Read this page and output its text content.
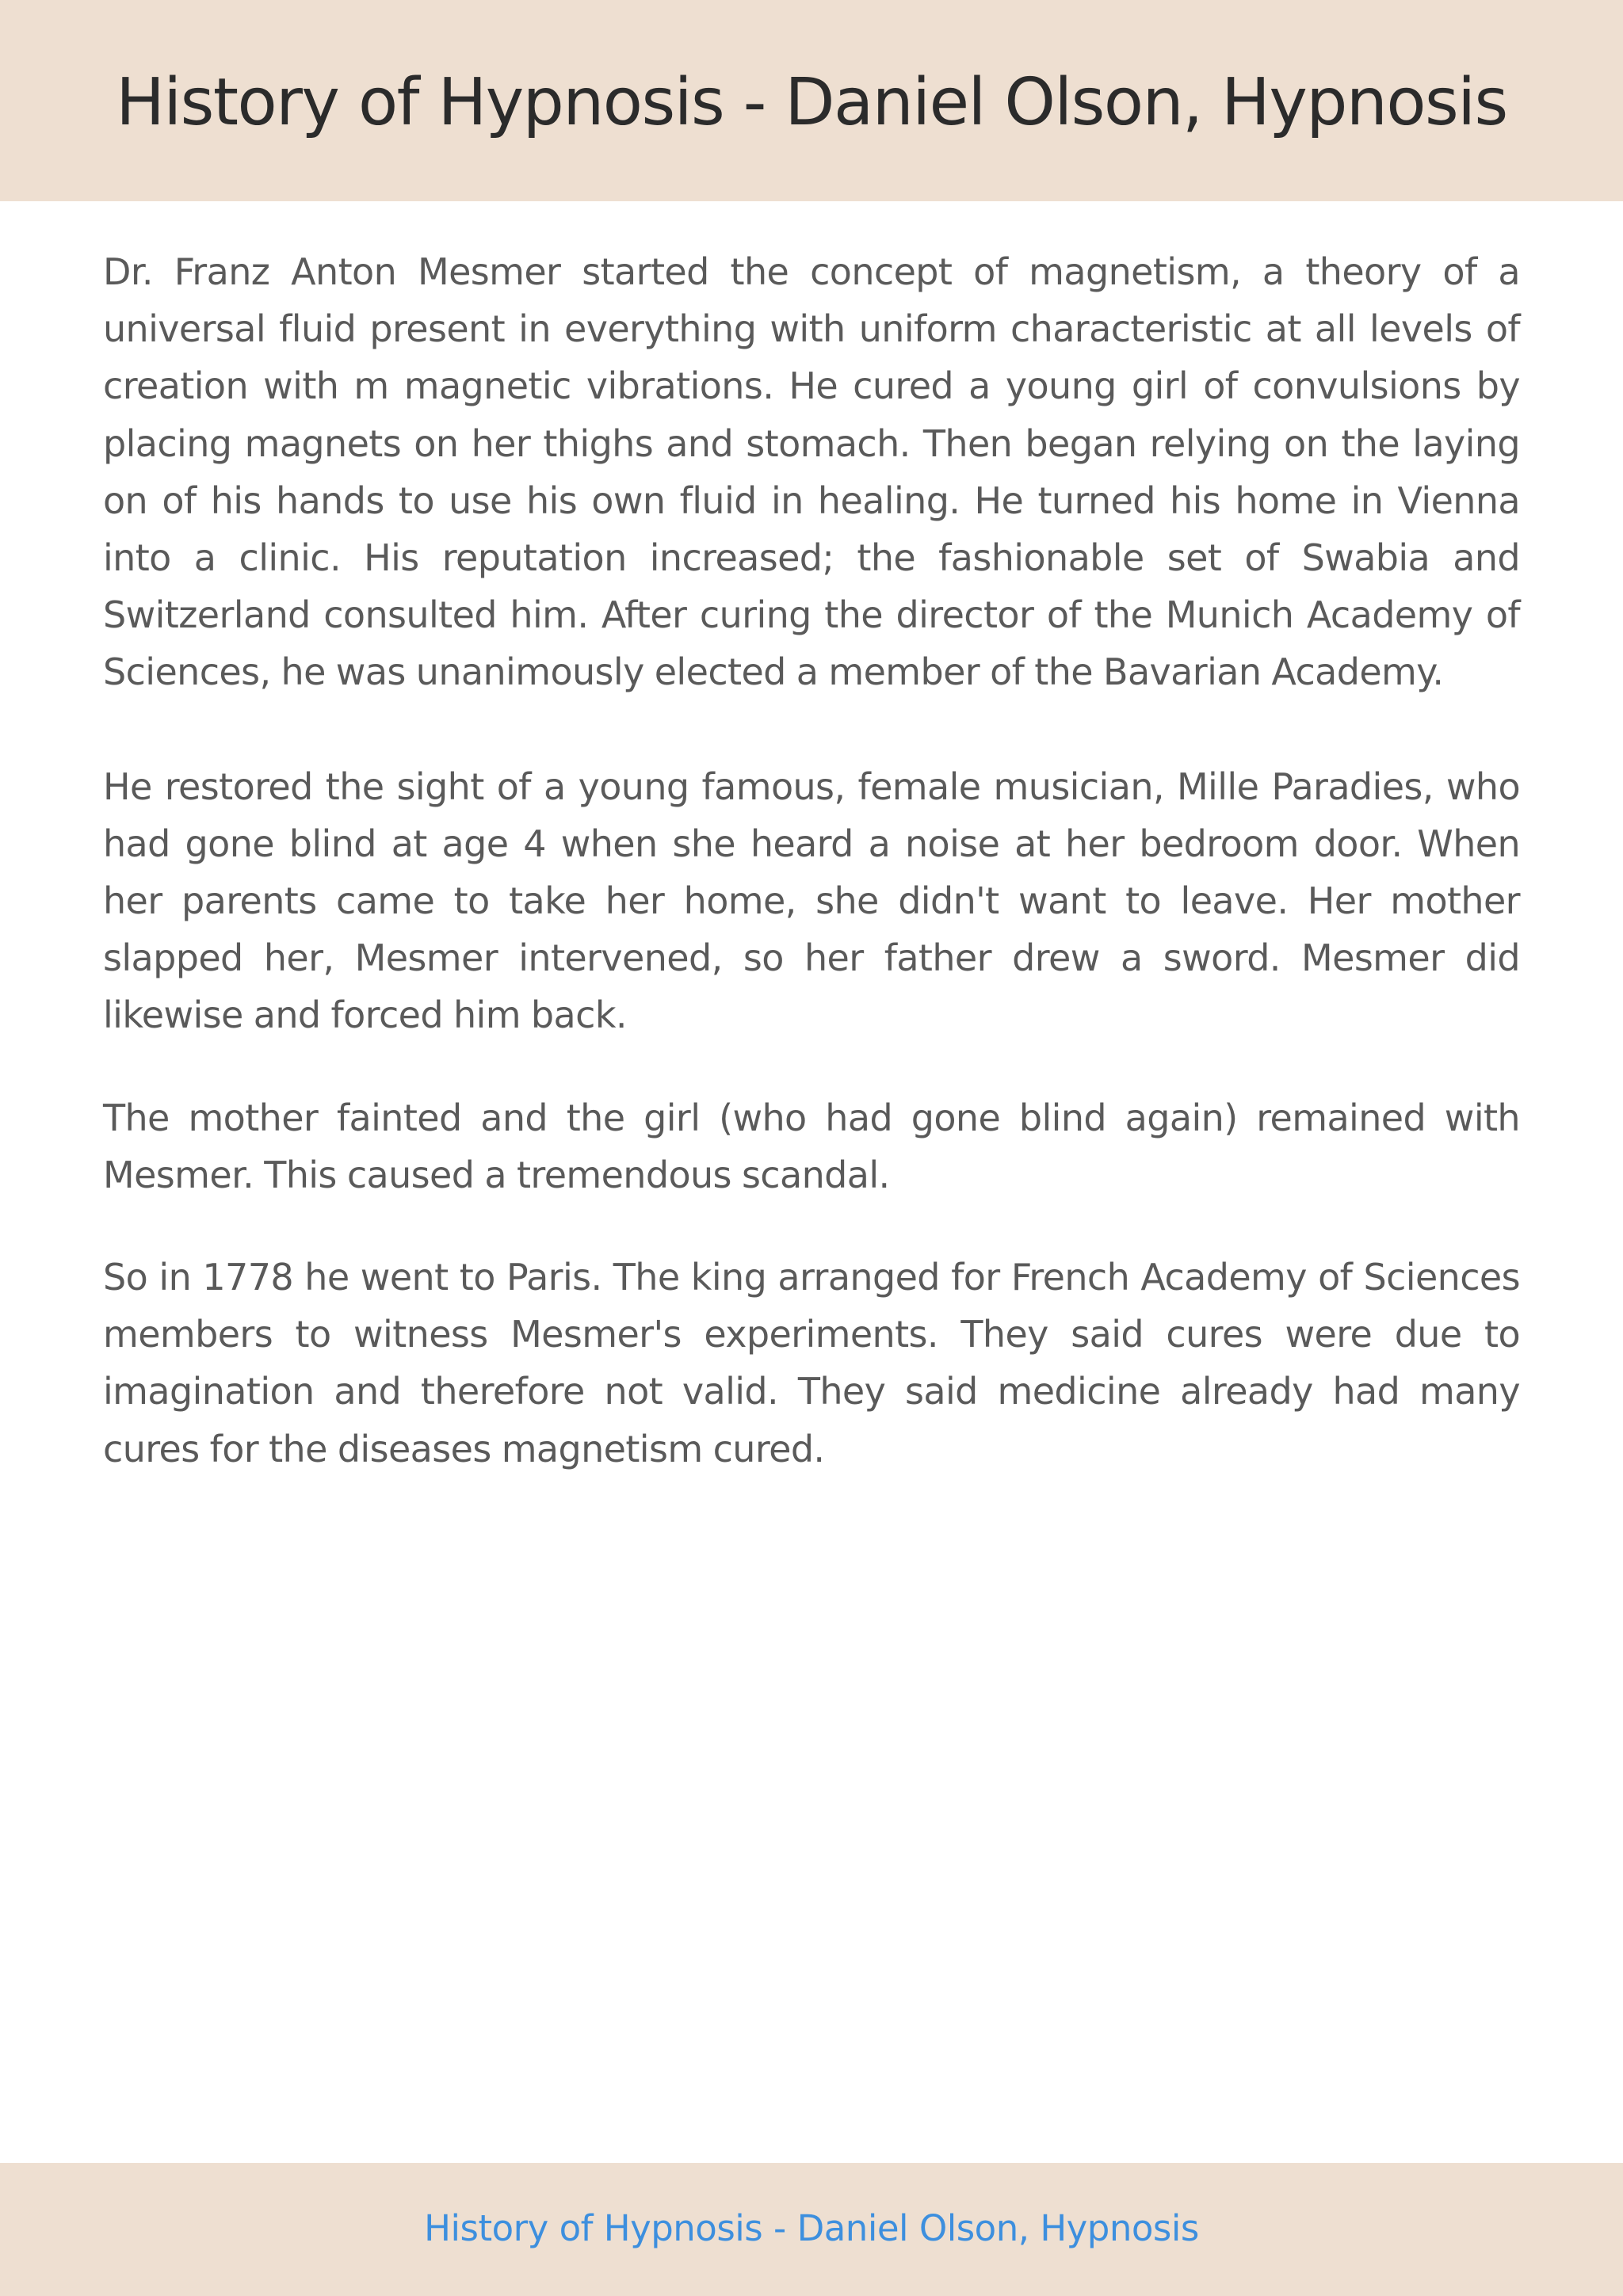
History of Hypnosis - Daniel Olson, Hypnosis

Dr. Franz Anton Mesmer started the concept of magnetism, a theory of a universal fluid present in everything with uniform characteristic at all levels of creation with m magnetic vibrations. He cured a young girl of convulsions by placing magnets on her thighs and stomach. Then began relying on the laying on of his hands to use his own fluid in healing. He turned his home in Vienna into a clinic. His reputation increased; the fashionable set of Swabia and Switzerland consulted him. After curing the director of the Munich Academy of Sciences, he was unanimously elected a member of the Bavarian Academy.

He restored the sight of a young famous, female musician, Mille Paradies, who had gone blind at age 4 when she heard a noise at her bedroom door. When her parents came to take her home, she didn't want to leave. Her mother slapped her, Mesmer intervened, so her father drew a sword. Mesmer did likewise and forced him back.

The mother fainted and the girl (who had gone blind again) remained with Mesmer. This caused a tremendous scandal.

So in 1778 he went to Paris. The king arranged for French Academy of Sciences members to witness Mesmer's experiments. They said cures were due to imagination and therefore not valid. They said medicine already had many cures for the diseases magnetism cured.

History of Hypnosis - Daniel Olson, Hypnosis
